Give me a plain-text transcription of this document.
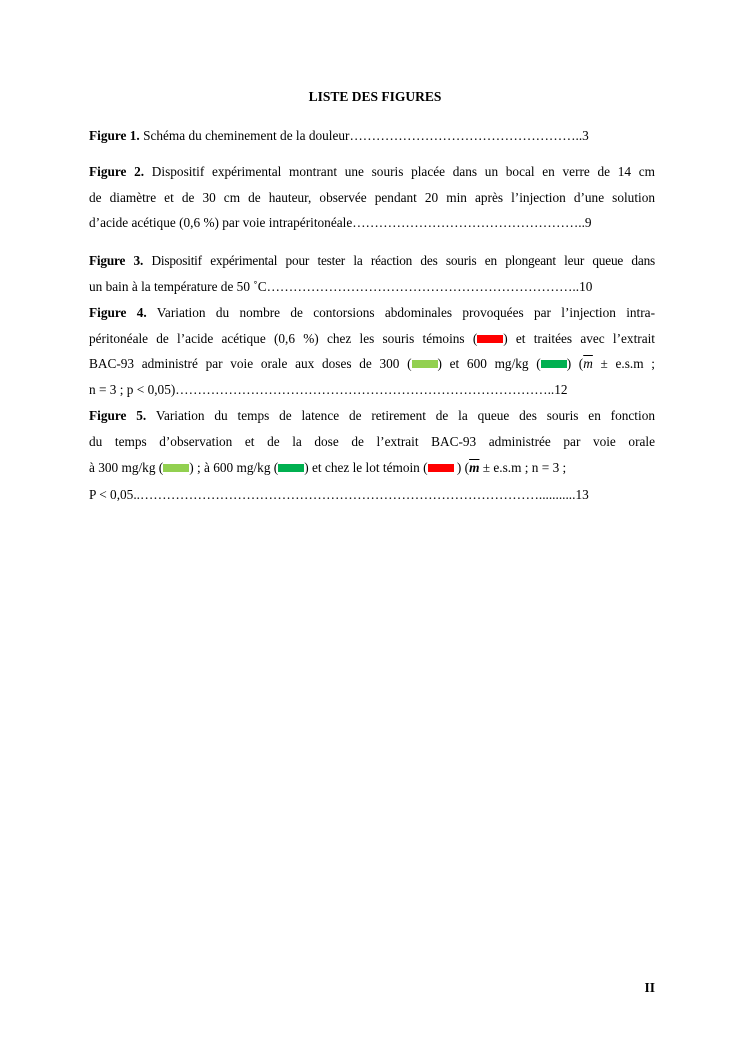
LISTE DES FIGURES
Figure 1. Schéma du cheminement de la douleur……………………………………………..3
Figure 2. Dispositif expérimental montrant une souris placée dans un bocal en verre de 14 cm
de diamètre et de 30 cm de hauteur, observée pendant 20 min après l’injection d’une solution
d’acide acétique (0,6 %) par voie intrapéritonéale……………………………………………..9
Figure 3. Dispositif expérimental pour tester la réaction des souris en plongeant leur queue dans
un bain à la température de 50 ˚C……………………………………………………………..10
Figure 4. Variation du nombre de contorsions abdominales provoquées par l’injection intra-
péritonéale de l’acide acétique (0,6 %) chez les souris témoins ( ) et traitées avec l’extrait
BAC-93 administré par voie orale aux doses de 300 ( ) et 600 mg/kg ( ) ($\overline{m} \pm e.s.m$ ;
n = 3 ; p < 0,05)…………………………………………………………………………..12
Figure 5. Variation du temps de latence de retirement de la queue des souris en fonction
du temps d’observation et de la dose de l’extrait BAC-93 administrée par voie orale
à 300 mg/kg ( ) ; à 600 mg/kg ( ) et chez le lot témoin ( ) ($\overline{m} \pm e.s.m$ ; n = 3 ;
P < 0,05..………………………………………………………………………………...........13
II
